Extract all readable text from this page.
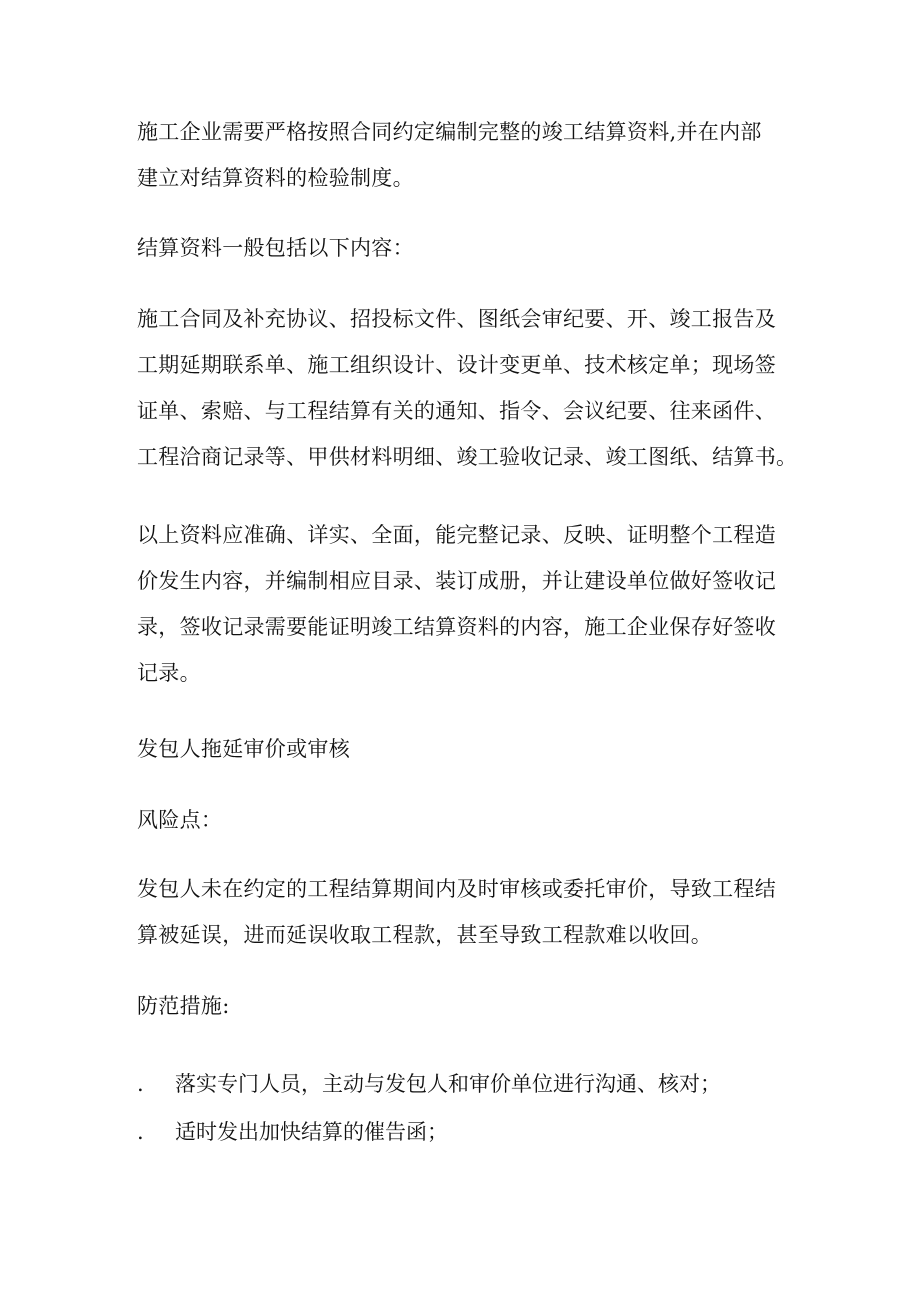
施工企业需要严格按照合同约定编制完整的竣工结算资料,并在内部
建立对结算资料的检验制度。
结算资料一般包括以下内容：
施工合同及补充协议、招投标文件、图纸会审纪要、开、竣工报告及
工期延期联系单、施工组织设计、设计变更单、技术核定单；现场签
证单、索赔、与工程结算有关的通知、指令、会议纪要、往来函件、
工程洽商记录等、甲供材料明细、竣工验收记录、竣工图纸、结算书。
以上资料应准确、详实、全面，能完整记录、反映、证明整个工程造
价发生内容，并编制相应目录、装订成册，并让建设单位做好签收记
录，签收记录需要能证明竣工结算资料的内容，施工企业保存好签收
记录。
发包人拖延审价或审核
风险点：
发包人未在约定的工程结算期间内及时审核或委托审价，导致工程结
算被延误，进而延误收取工程款，甚至导致工程款难以收回。
防范措施:
. 落实专门人员，主动与发包人和审价单位进行沟通、核对；
. 适时发出加快结算的催告函；
